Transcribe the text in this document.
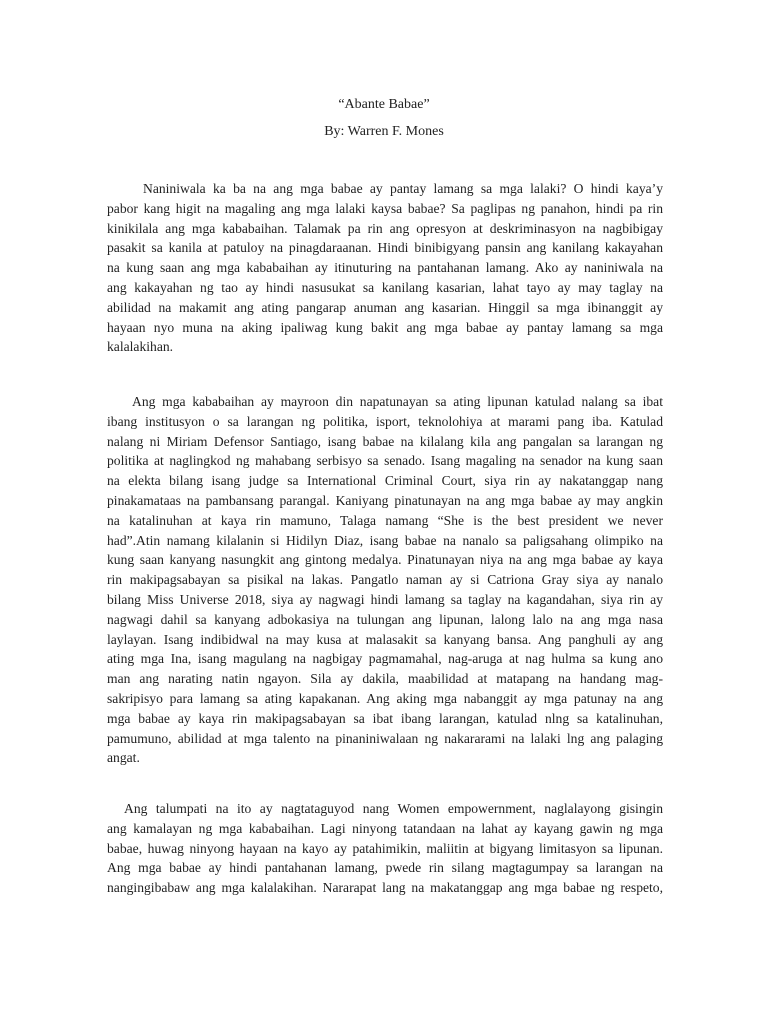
“Abante Babae”
By: Warren F. Mones
Naniniwala ka ba na ang mga babae ay pantay lamang sa mga lalaki? O hindi kaya’y
pabor kang higit na magaling ang mga lalaki kaysa babae? Sa paglipas ng panahon, hindi pa rin
kinikilala ang mga kababaihan. Talamak pa rin ang opresyon at deskriminasyon na nagbibigay
pasakit sa kanila at patuloy na pinagdaraanan. Hindi binibigyang pansin ang kanilang kakayahan
na kung saan ang mga kababaihan ay itinuturing na pantahanan lamang. Ako ay naniniwala na
ang kakayahan ng tao ay hindi nasusukat sa kanilang kasarian, lahat tayo ay may taglay na
abilidad na makamit ang ating pangarap anuman ang kasarian. Hinggil sa mga ibinanggit ay
hayaan nyo muna na aking ipaliwag kung bakit ang mga babae ay pantay lamang sa mga
kalalakihan.
Ang mga kababaihan ay mayroon din napatunayan sa ating lipunan katulad nalang sa ibat
ibang institusyon o sa larangan ng politika, isport, teknolohiya at marami pang iba. Katulad
nalang ni Miriam Defensor Santiago, isang babae na kilalang kila ang pangalan sa larangan ng
politika at naglingkod ng mahabang serbisyo sa senado. Isang magaling na senador na kung saan
na elekta bilang isang judge sa International Criminal Court, siya rin ay nakatanggap nang
pinakamataas na pambansang parangal. Kaniyang pinatunayan na ang mga babae ay may angkin
na katalinuhan at kaya rin mamuno, Talaga namang “She is the best president we never
had”.Atin namang kilalanin si Hidilyn Diaz, isang babae na nanalo sa paligsahang olimpiko na
kung saan kanyang nasungkit ang gintong medalya. Pinatunayan niya na ang mga babae ay kaya
rin makipagsabayan sa pisikal na lakas. Pangatlo naman ay si Catriona Gray siya ay nanalo
bilang Miss Universe 2018, siya ay nagwagi hindi lamang sa taglay na kagandahan, siya rin ay
nagwagi dahil sa kanyang adbokasiya na tulungan ang lipunan, lalong lalo na ang mga nasa
laylayan. Isang indibidwal na may kusa at malasakit sa kanyang bansa. Ang panghuli ay ang
ating mga Ina, isang magulang na nagbigay pagmamahal, nag-aruga at nag hulma sa kung ano
man ang narating natin ngayon. Sila ay dakila, maabilidad at matapang na handang mag-
sakripisyo para lamang sa ating kapakanan. Ang aking mga nabanggit ay mga patunay na ang
mga babae ay kaya rin makipagsabayan sa ibat ibang larangan, katulad nlng sa katalinuhan,
pamumuno, abilidad at mga talento na pinaniniwalaan ng nakararami na lalaki lng ang palaging
angat.
Ang talumpati na ito ay nagtataguyod nang Women empowernment, naglalayong gisingin
ang kamalayan ng mga kababaihan. Lagi ninyong tatandaan na lahat ay kayang gawin ng mga
babae, huwag ninyong hayaan na kayo ay patahimikin, maliitin at bigyang limitasyon sa lipunan.
Ang mga babae ay hindi pantahanan lamang, pwede rin silang magtagumpay sa larangan na
nangingibabaw ang mga kalalakihan. Nararapat lang na makatanggap ang mga babae ng respeto,
